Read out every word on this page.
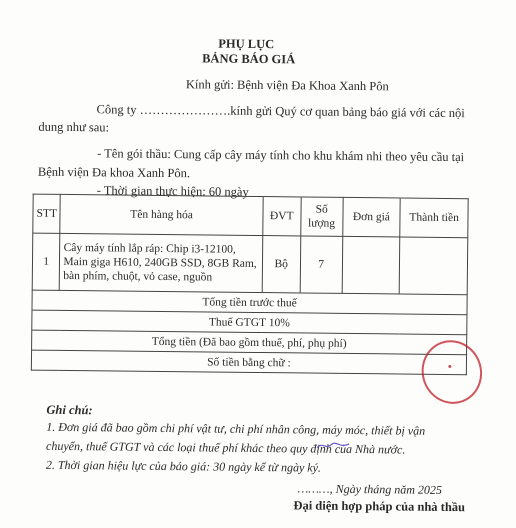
PHỤ LỤC
BẢNG BÁO GIÁ
Kính gửi: Bệnh viện Đa Khoa Xanh Pôn
Công ty ………………….kính gửi Quý cơ quan bảng báo giá với các nội
dung như sau:
- Tên gói thầu: Cung cấp cây máy tính cho khu khám nhi theo yêu cầu tại
Bệnh viện Đa khoa Xanh Pôn.
- Thời gian thực hiện: 60 ngày
STT	Tên hàng hóa	ĐVT	Số lượng	Đơn giá	Thành tiền
1	Cây máy tính lắp ráp: Chip i3-12100, Main giga H610, 240GB SSD, 8GB Ram, bàn phím, chuột, vỏ case, nguồn	Bộ	7		
Tổng tiền trước thuế					
Thuế GTGT 10%					
Tổng tiền (Đã bao gồm thuế, phí, phụ phí)					
Số tiền bằng chữ :					
Ghi chú:
1. Đơn giá đã bao gồm chi phí vật tư, chi phí nhân công, máy móc, thiết bị vận
chuyển, thuế GTGT và các loại thuế phí khác theo quy định của Nhà nước.
2. Thời gian hiệu lực của báo giá: 30 ngày kể từ ngày ký.
………, Ngày tháng năm 2025
Đại diện hợp pháp của nhà thầu
●
